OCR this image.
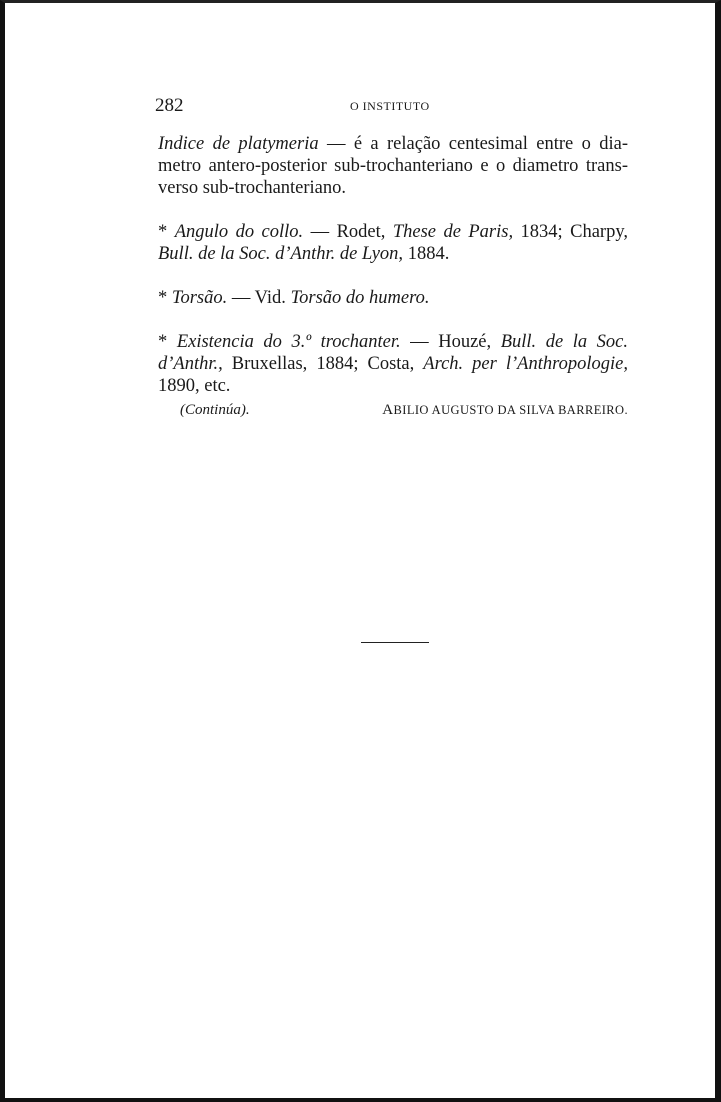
282	O INSTITUTO
Indice de platymeria — é a relação centesimal entre o dia-
metro antero-posterior sub-trochanteriano e o diametro trans-
verso sub-trochanteriano.
* Angulo do collo. — Rodet, These de Paris, 1834; Charpy,
Bull. de la Soc. d’Anthr. de Lyon, 1884.
* Torsão. — Vid. Torsão do humero.
* Existencia do 3.º trochanter. — Houzé, Bull. de la Soc.
d’Anthr., Bruxellas, 1884; Costa, Arch. per l’Anthropologie,
1890, etc.
(Continúa).	ABILIO AUGUSTO DA SILVA BARREIRO.
